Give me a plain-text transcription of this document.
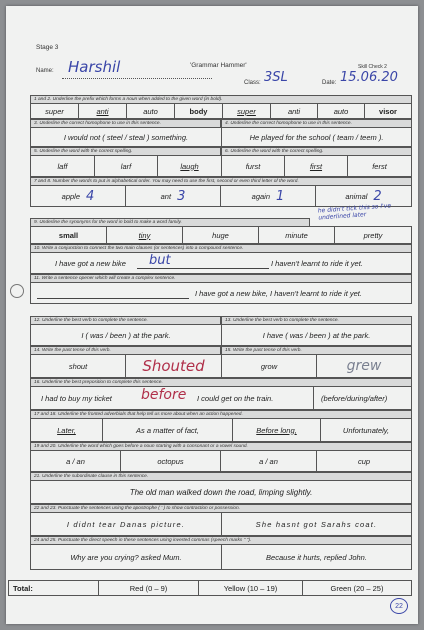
Stage 3
'Grammar Hammer'	Skill Check 2
Name: Harshil
Class: 3SL	Date: 15.06.20
1 and 2. Underline the prefix which forms a noun when added to the given word (in bold).
super	anti	auto	body	super	anti	auto	visor
3. Underline the correct homophone to use in this sentence.	4. Underline the correct homophone to use in this sentence.
I would not ( steel / steal ) something.	He played for the school ( team / teem ).
5. Underline the word with the correct spelling.	6. Underline the word with the correct spelling.
laff	larf	laugh	furst	first	ferst
7 and 8. Number the words to put in alphabetical order. You may need to use the first, second or even third letter of the word.
apple 4	ant 3	again 1	animal 2
he didn't tick this so I've underlined later
9. Underline the synonyms for the word in bold to make a word family.
small	tiny	huge	minute	pretty
10. Write a conjunction to connect the two main clauses (or sentences) into a compound sentence.
I have got a new bike but	I haven't learnt to ride it yet.
11. Write a sentence opener which will create a complex sentence.
I have got a new bike, I haven't learnt to ride it yet.
12. Underline the best verb to complete the sentence.	13. Underline the best verb to complete the sentence.
I ( was / been ) at the park.	I have ( was / been ) at the park.
14. Write the past tense of this verb.	15. Write the past tense of this verb.
shout	Shouted	grow	grew
16. Underline the best preposition to complete this sentence.
I had to buy my ticket before I could get on the train.	(before/during/after)
17 and 18. Underline the fronted adverbials that help tell us more about when an action happened.
Later,	As a matter of fact,	Before long,	Unfortunately,
19 and 20. Underline the word which goes before a noun starting with a consonant or a vowel sound.
a / an	octopus	a / an	cup
21. Underline the subordinate clause in this sentence.
The old man walked down the road, limping slightly.
22 and 23. Punctuate the sentences using the apostrophe ( ' ) to show contraction or possession.
I didnt tear Danas picture.	She hasnt got Sarahs coat.
24 and 25. Punctuate the direct speech in these sentences using inverted commas (speech marks " ").
Why are you crying? asked Mum.	Because it hurts, replied John.
Total:	Red (0 – 9)	Yellow (10 – 19)	Green (20 – 25)
22
